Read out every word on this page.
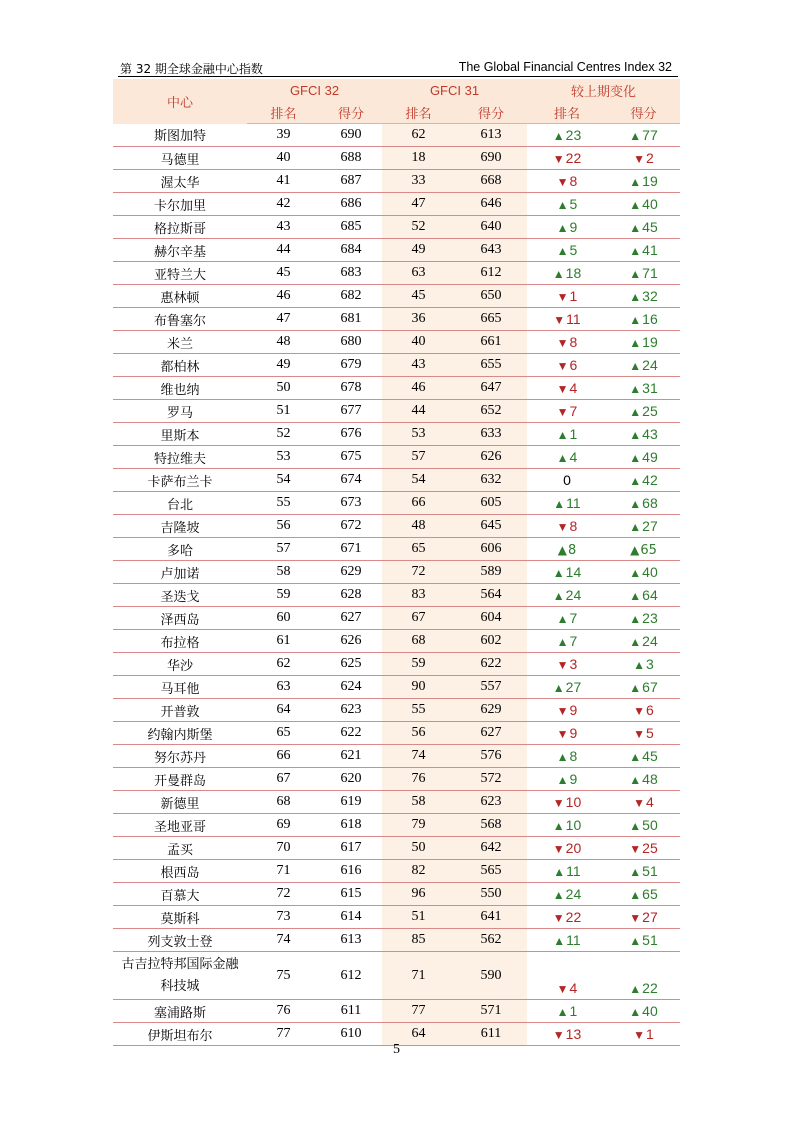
第 32 期全球金融中心指数	The Global Financial Centres Index 32
中心	GFCI 32		GFCI 31		较上期变化	
	排名	得分	排名	得分	排名	得分
斯图加特	39	690	62	613	▲23	▲77
马德里	40	688	18	690	▼22	▼2
渥太华	41	687	33	668	▼8	▲19
卡尔加里	42	686	47	646	▲5	▲40
格拉斯哥	43	685	52	640	▲9	▲45
赫尔辛基	44	684	49	643	▲5	▲41
亚特兰大	45	683	63	612	▲18	▲71
惠林顿	46	682	45	650	▼1	▲32
布鲁塞尔	47	681	36	665	▼11	▲16
米兰	48	680	40	661	▼8	▲19
都柏林	49	679	43	655	▼6	▲24
维也纳	50	678	46	647	▼4	▲31
罗马	51	677	44	652	▼7	▲25
里斯本	52	676	53	633	▲1	▲43
特拉维夫	53	675	57	626	▲4	▲49
卡萨布兰卡	54	674	54	632	0	▲42
台北	55	673	66	605	▲11	▲68
吉隆坡	56	672	48	645	▼8	▲27
多哈	57	671	65	606	▲8	▲65
卢加诺	58	629	72	589	▲14	▲40
圣迭戈	59	628	83	564	▲24	▲64
泽西岛	60	627	67	604	▲7	▲23
布拉格	61	626	68	602	▲7	▲24
华沙	62	625	59	622	▼3	▲3
马耳他	63	624	90	557	▲27	▲67
开普敦	64	623	55	629	▼9	▼6
约翰内斯堡	65	622	56	627	▼9	▼5
努尔苏丹	66	621	74	576	▲8	▲45
开曼群岛	67	620	76	572	▲9	▲48
新德里	68	619	58	623	▼10	▼4
圣地亚哥	69	618	79	568	▲10	▲50
孟买	70	617	50	642	▼20	▼25
根西岛	71	616	82	565	▲11	▲51
百慕大	72	615	96	550	▲24	▲65
莫斯科	73	614	51	641	▼22	▼27
列支敦士登	74	613	85	562	▲11	▲51
古吉拉特邦国际金融科技城	75	612	71	590	▼4	▲22
塞浦路斯	76	611	77	571	▲1	▲40
伊斯坦布尔	77	610	64	611	▼13	▼1
5
